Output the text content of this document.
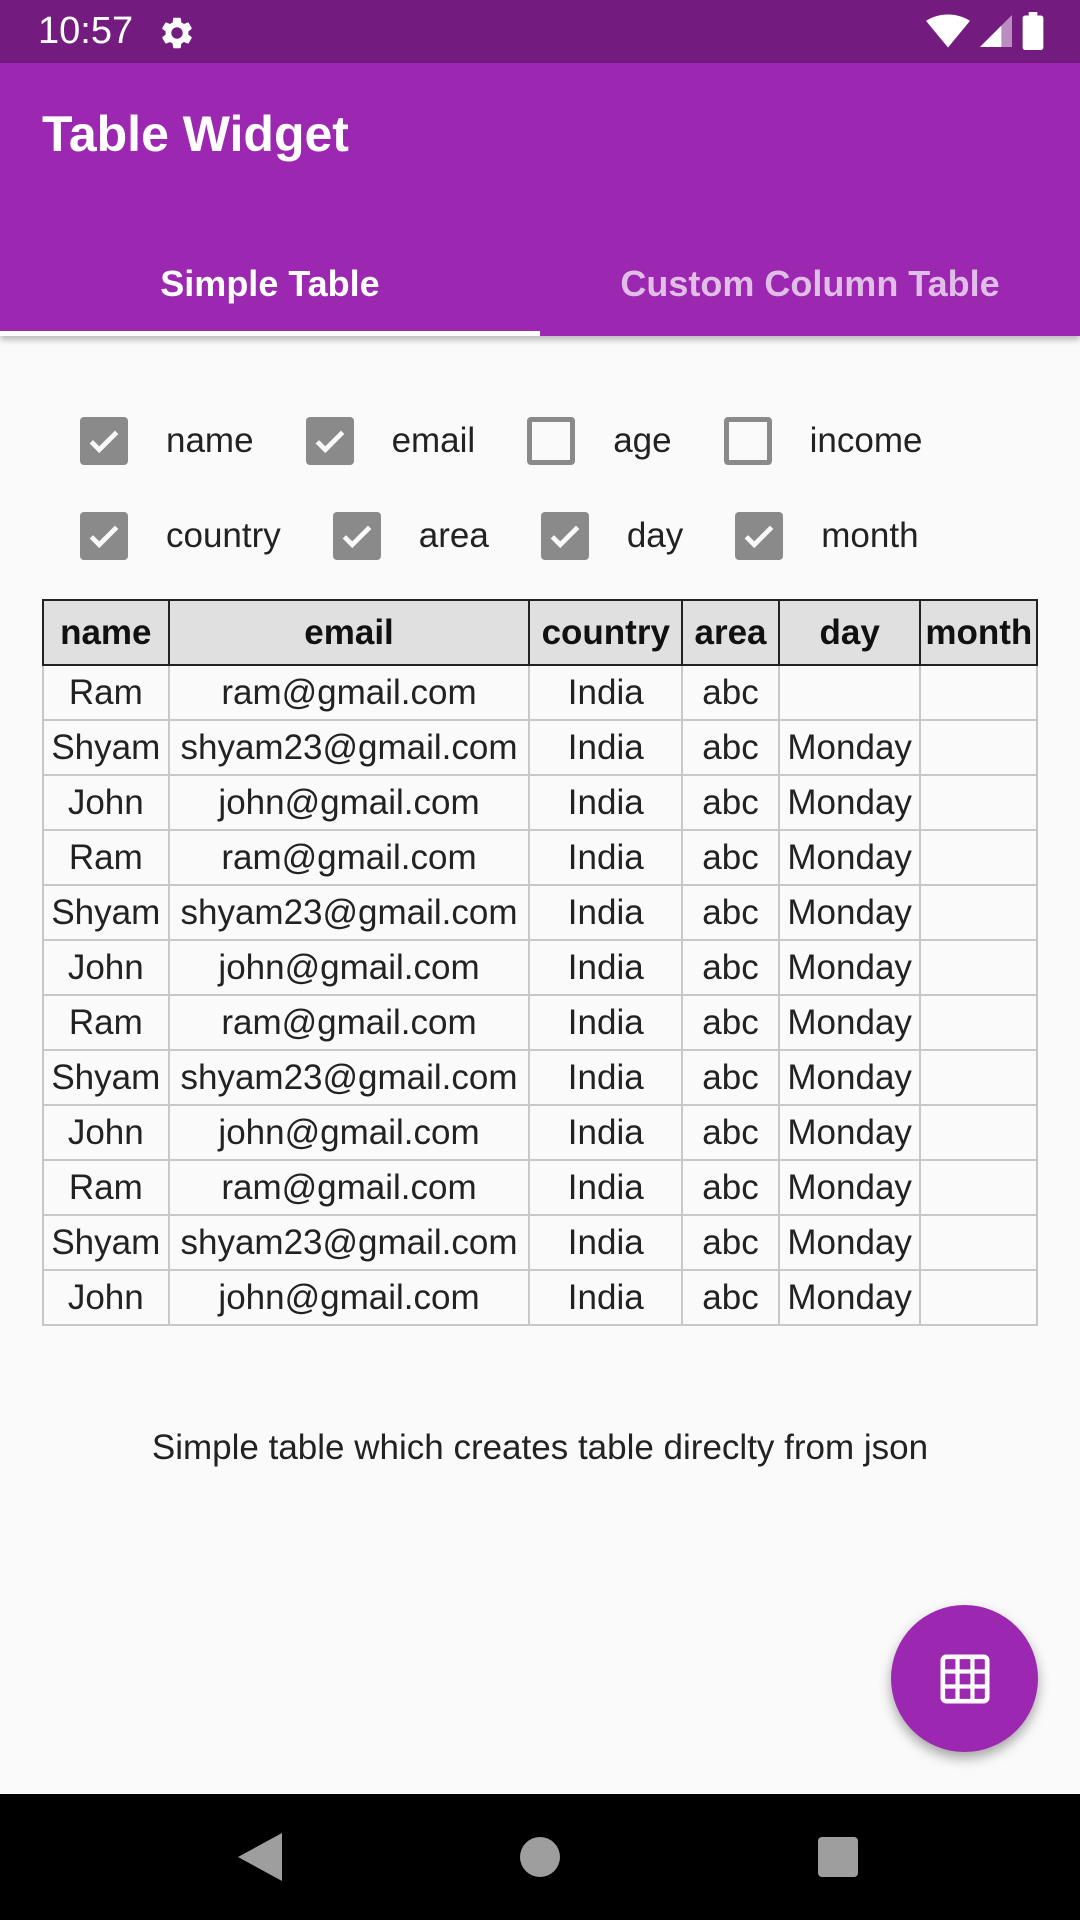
10:57
Table Widget
Simple Table	Custom Column Table
name	email	age	income
country	area	day	month
name	email	country	area	day	month
Ram	ram@gmail.com	India	abc		
Shyam	shyam23@gmail.com	India	abc	Monday	
John	john@gmail.com	India	abc	Monday	
Ram	ram@gmail.com	India	abc	Monday	
Shyam	shyam23@gmail.com	India	abc	Monday	
John	john@gmail.com	India	abc	Monday	
Ram	ram@gmail.com	India	abc	Monday	
Shyam	shyam23@gmail.com	India	abc	Monday	
John	john@gmail.com	India	abc	Monday	
Ram	ram@gmail.com	India	abc	Monday	
Shyam	shyam23@gmail.com	India	abc	Monday	
John	john@gmail.com	India	abc	Monday	
Simple table which creates table direclty from json
